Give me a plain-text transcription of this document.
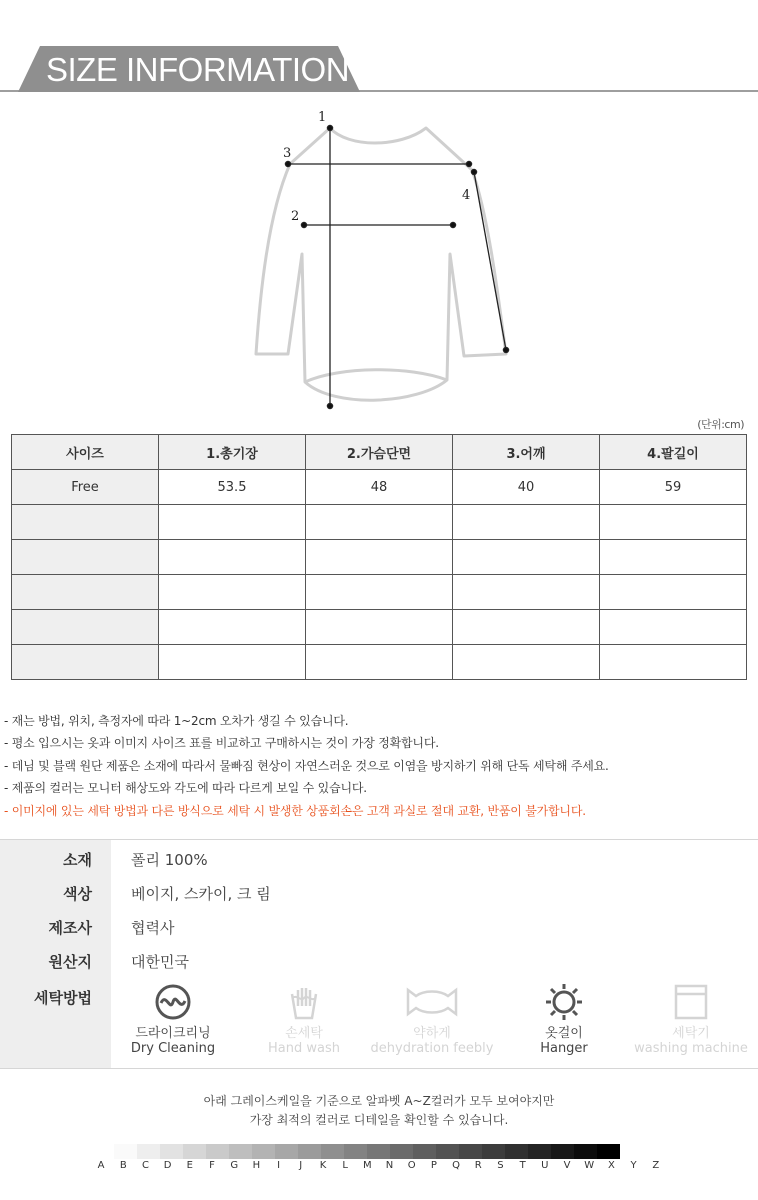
SIZE INFORMATION
1
2
3
4
(단위:cm)
사이즈	1.총기장	2.가슴단면	3.어깨	4.팔길이
Free	53.5	48	40	59

- 재는 방법, 위치, 측정자에 따라 1~2cm 오차가 생길 수 있습니다.
- 평소 입으시는 옷과 이미지 사이즈 표를 비교하고 구매하시는 것이 가장 정확합니다.
- 데님 및 블랙 원단 제품은 소재에 따라서 물빠짐 현상이 자연스러운 것으로 이염을 방지하기 위해 단독 세탁해 주세요.
- 제품의 컬러는 모니터 해상도와 각도에 따라 다르게 보일 수 있습니다.
- 이미지에 있는 세탁 방법과 다른 방식으로 세탁 시 발생한 상품회손은 고객 과실로 절대 교환, 반품이 불가합니다.
소재	폴리 100%
색상	베이지, 스카이, 크 림
제조사	협력사
원산지	대한민국
세탁방법
드라이크리닝
Dry Cleaning
손세탁
Hand wash
약하게
dehydration feebly
옷걸이
Hanger
세탁기
washing machine
아래 그레이스케일을 기준으로 알파벳 A~Z컬러가 모두 보여야지만
가장 최적의 컬러로 디테일을 확인할 수 있습니다.
A	B	C	D	E	F	G	H	I	J	K	L	M	N	O	P	Q	R	S	T	U	V	W	X	Y	Z
